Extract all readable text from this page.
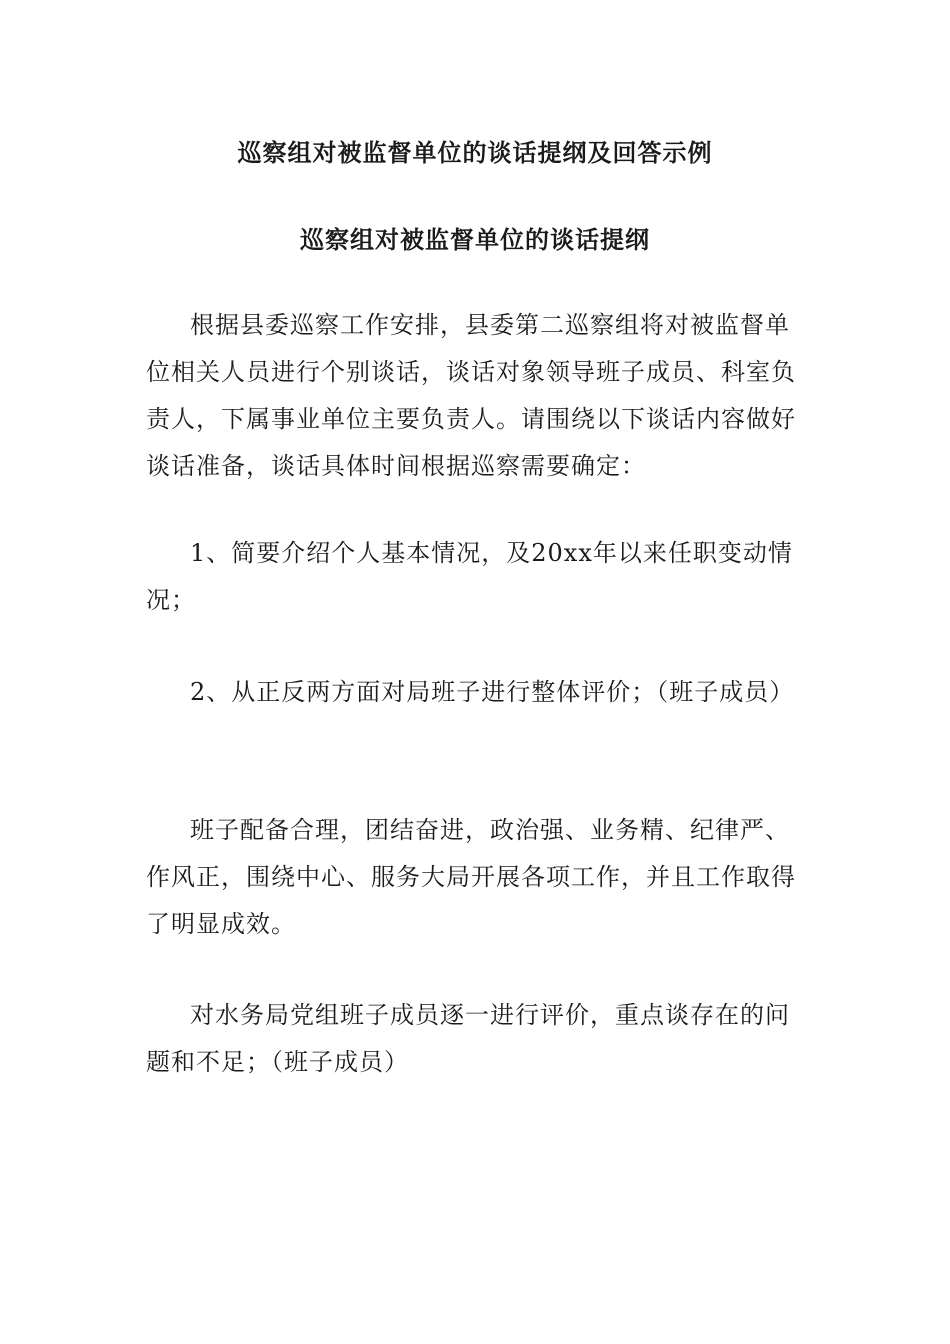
巡察组对被监督单位的谈话提纲及回答示例
巡察组对被监督单位的谈话提纲

根据县委巡察工作安排，县委第二巡察组将对被监督单位相关人员进行个别谈话，谈话对象领导班子成员、科室负责人，下属事业单位主要负责人。请围绕以下谈话内容做好谈话准备，谈话具体时间根据巡察需要确定：

1、简要介绍个人基本情况，及20xx年以来任职变动情况；

2、从正反两方面对局班子进行整体评价；（班子成员）

班子配备合理，团结奋进，政治强、业务精、纪律严、作风正，围绕中心、服务大局开展各项工作，并且工作取得了明显成效。

对水务局党组班子成员逐一进行评价，重点谈存在的问题和不足；（班子成员）
